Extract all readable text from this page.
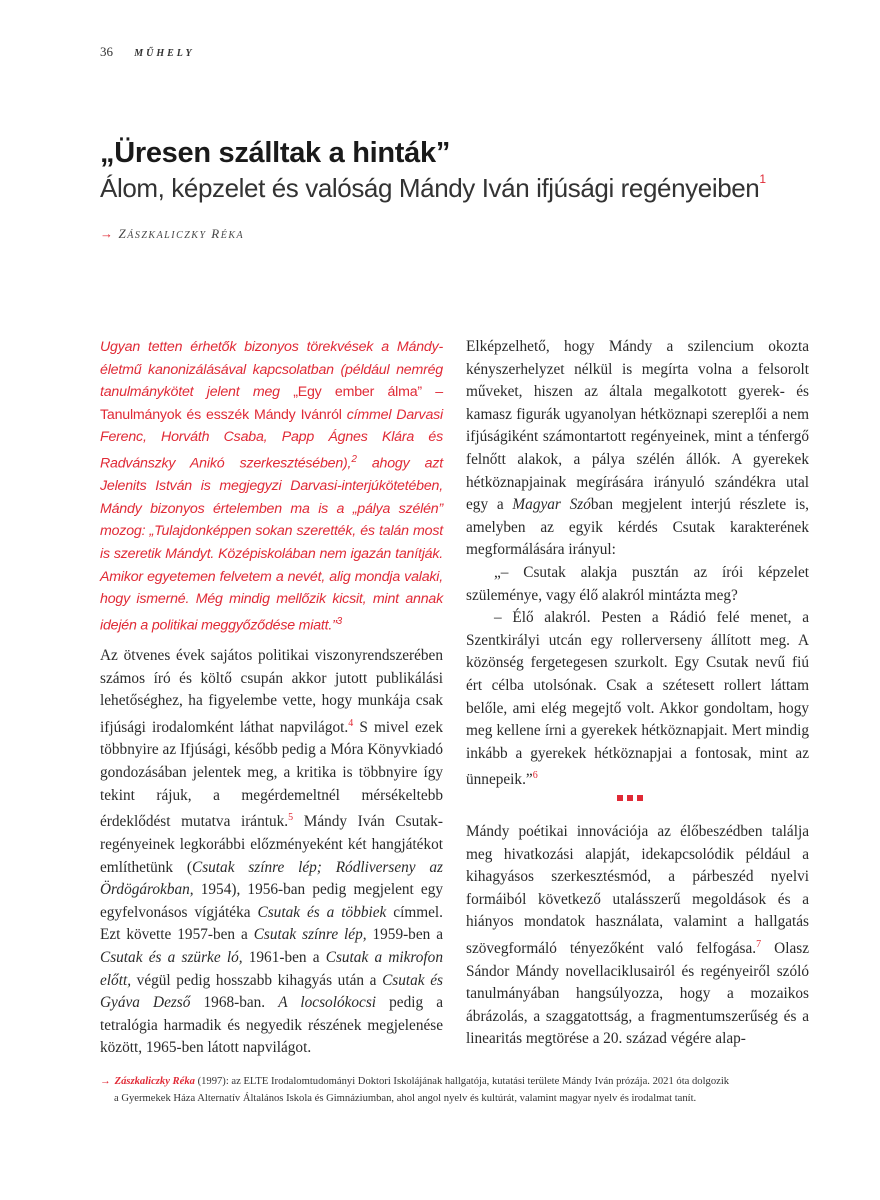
36 MŰHELY
„Üresen szálltak a hinták”
Álom, képzelet és valóság Mándy Iván ifjúsági regényeiben$^1$
→ ZÁSZKALICZKY RÉKA
Ugyan tetten érhetők bizonyos törekvések a Mándy-életmű kanonizálásával kapcsolatban (például nemrég tanulmánykötet jelent meg „Egy ember álma” – Tanulmányok és esszék Mándy Ivánról címmel Darvasi Ferenc, Horváth Csaba, Papp Ágnes Klára és Radvánszky Anikó szerkesztésében),$^2$ ahogy azt Jelenits István is megjegyzi Darvasi-interjúkötetében, Mándy bizonyos értelemben ma is a „pálya szélén” mozog: „Tulajdonképpen sokan szerették, és talán most is szeretik Mándyt. Középiskolában nem igazán tanítják. Amikor egyetemen felvetem a nevét, alig mondja valaki, hogy ismerné. Még mindig mellőzik kicsit, mint annak idején a politikai meggyőződése miatt.”$^3$

Az ötvenes évek sajátos politikai viszonyrendszerében számos író és költő csupán akkor jutott publikálási lehetőséghez, ha figyelembe vette, hogy munkája csak ifjúsági irodalomként láthat napvilágot.$^4$ S mivel ezek többnyire az Ifjúsági, később pedig a Móra Könyvkiadó gondozásában jelentek meg, a kritika is többnyire így tekint rájuk, a megérdemeltnél mérsékeltebb érdeklődést mutatva irántuk.$^5$ Mándy Iván Csutak-regényeinek legkorábbi előzményeként két hangjátékot említhetünk (Csutak színre lép; Ródliverseny az Ördögárokban, 1954), 1956-ban pedig megjelent egy egyfelvonásos vígjátéka Csutak és a többiek címmel. Ezt követte 1957-ben a Csutak színre lép, 1959-ben a Csutak és a szürke ló, 1961-ben a Csutak a mikrofon előtt, végül pedig hosszabb kihagyás után a Csutak és Gyáva Dezső 1968-ban. A locsolókocsi pedig a tetralógia harmadik és negyedik részének megjelenése között, 1965-ben látott napvilágot.

Elképzelhető, hogy Mándy a szilencium okozta kényszerhelyzet nélkül is megírta volna a felsorolt műveket, hiszen az általa megalkotott gyerek- és kamasz figurák ugyanolyan hétköznapi szereplői a nem ifjúságiként számontartott regényeinek, mint a ténfergő felnőtt alakok, a pálya szélén állók. A gyerekek hétköznapjainak megírására irányuló szándékra utal egy a Magyar Szóban megjelent interjú részlete is, amelyben az egyik kérdés Csutak karakterének megformálására irányul:

„– Csutak alakja pusztán az írói képzelet szüleménye, vagy élő alakról mintázta meg?

– Élő alakról. Pesten a Rádió felé menet, a Szentkirályi utcán egy rollerverseny állított meg. A közönség fergetegesen szurkolt. Egy Csutak nevű fiú ért célba utolsónak. Csak a szétesett rollert láttam belőle, ami elég megejtő volt. Akkor gondoltam, hogy meg kellene írni a gyerekek hétköznapjait. Mert mindig inkább a gyerekek hétköznapjai a fontosak, mint az ünnepeik.”$^6$

Mándy poétikai innovációja az élőbeszédben találja meg hivatkozási alapját, idekapcsolódik például a kihagyásos szerkesztésmód, a párbeszéd nyelvi formáiból következő utalásszerű megoldások és a hiányos mondatok használata, valamint a hallgatás szövegformáló tényezőként való felfogása.$^7$ Olasz Sándor Mándy novellaciklusairól és regényeiről szóló tanulmányában hangsúlyozza, hogy a mozaikos ábrázolás, a szaggatottság, a fragmentumszerűség és a linearitás megtörése a 20. század végére alap-

→ Zászkaliczky Réka (1997): az ELTE Irodalomtudományi Doktori Iskolájának hallgatója, kutatási területe Mándy Iván prózája. 2021 óta dolgozik
a Gyermekek Háza Alternatív Általános Iskola és Gimnáziumban, ahol angol nyelv és kultúrát, valamint magyar nyelv és irodalmat tanít.
